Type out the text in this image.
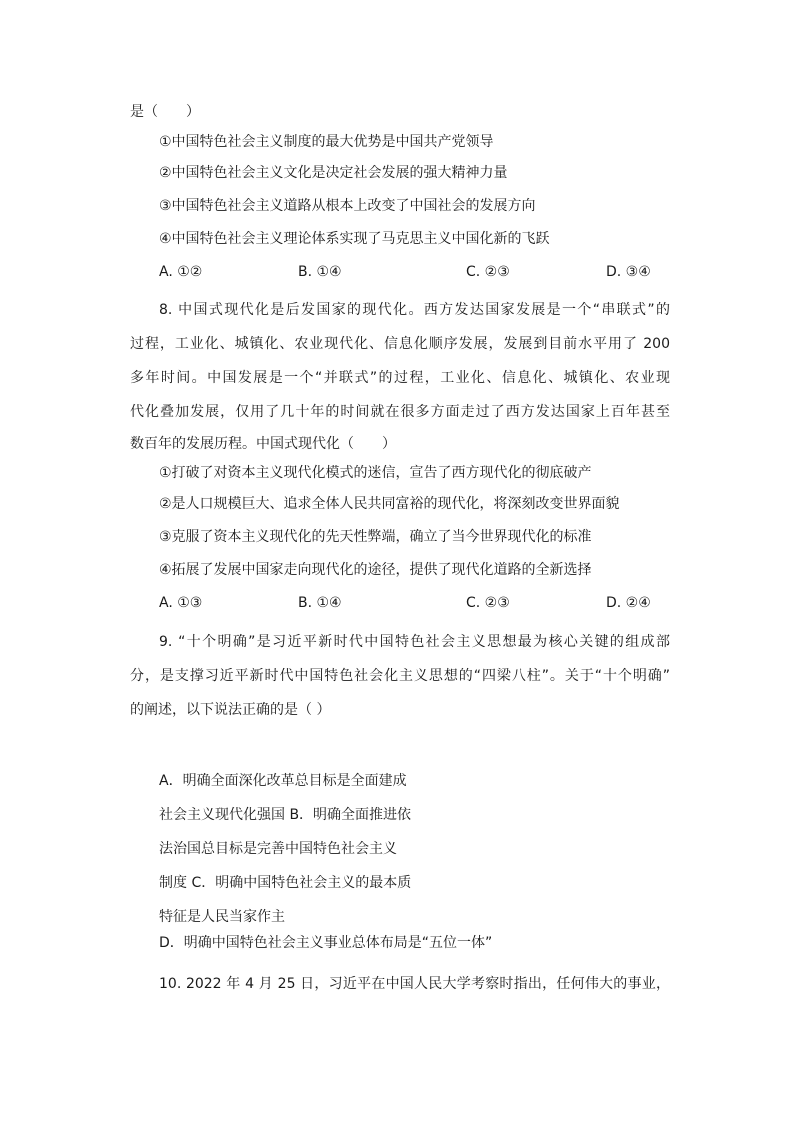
是（　　）
①中国特色社会主义制度的最大优势是中国共产党领导
②中国特色社会主义文化是决定社会发展的强大精神力量
③中国特色社会主义道路从根本上改变了中国社会的发展方向
④中国特色社会主义理论体系实现了马克思主义中国化新的飞跃
A. ①②	B. ①④	C. ②③	D. ③④
8. 中国式现代化是后发国家的现代化。西方发达国家发展是一个“串联式”的
过程，工业化、城镇化、农业现代化、信息化顺序发展，发展到目前水平用了 200
多年时间。中国发展是一个“并联式”的过程，工业化、信息化、城镇化、农业现
代化叠加发展，仅用了几十年的时间就在很多方面走过了西方发达国家上百年甚至
数百年的发展历程。中国式现代化（　　）
①打破了对资本主义现代化模式的迷信，宣告了西方现代化的彻底破产
②是人口规模巨大、追求全体人民共同富裕的现代化，将深刻改变世界面貌
③克服了资本主义现代化的先天性弊端，确立了当今世界现代化的标准
④拓展了发展中国家走向现代化的途径，提供了现代化道路的全新选择
A. ①③	B. ①④	C. ②③	D. ②④
9. “十个明确”是习近平新时代中国特色社会主义思想最为核心关键的组成部
分，是支撑习近平新时代中国特色社会化主义思想的“四梁八柱”。关于“十个明确”
的阐述，以下说法正确的是（ ）
A．明确全面深化改革总目标是全面建成
社会主义现代化强国 B．明确全面推进依
法治国总目标是完善中国特色社会主义
制度 C．明确中国特色社会主义的最本质
特征是人民当家作主
D．明确中国特色社会主义事业总体布局是“五位一体”
10. 2022 年 4 月 25 日，习近平在中国人民大学考察时指出，任何伟大的事业，
